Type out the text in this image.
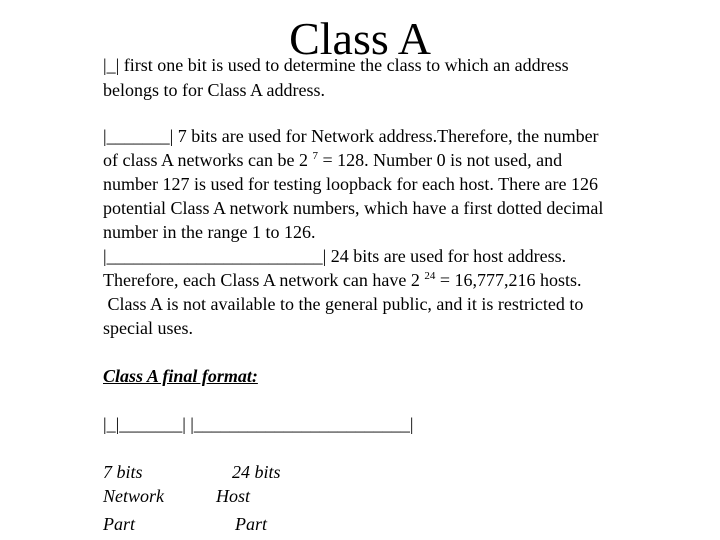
Class A
|_| first one bit is used to determine the class to which an address
belongs to for Class A address.
|_______| 7 bits are used for Network address.Therefore, the number
of class A networks can be 2 $^7$ = 128. Number 0 is not used, and
number 127 is used for testing loopback for each host. There are 126
potential Class A network numbers, which have a first dotted decimal
number in the range 1 to 126.
|________________________| 24 bits are used for host address.
Therefore, each Class A network can have 2 $^{24}$ = 16,777,216 hosts.
Class A is not available to the general public, and it is restricted to
special uses.
Class A final format:
|_|_______| |________________________|
7 bits
Network
Part
24 bits
Host
Part
